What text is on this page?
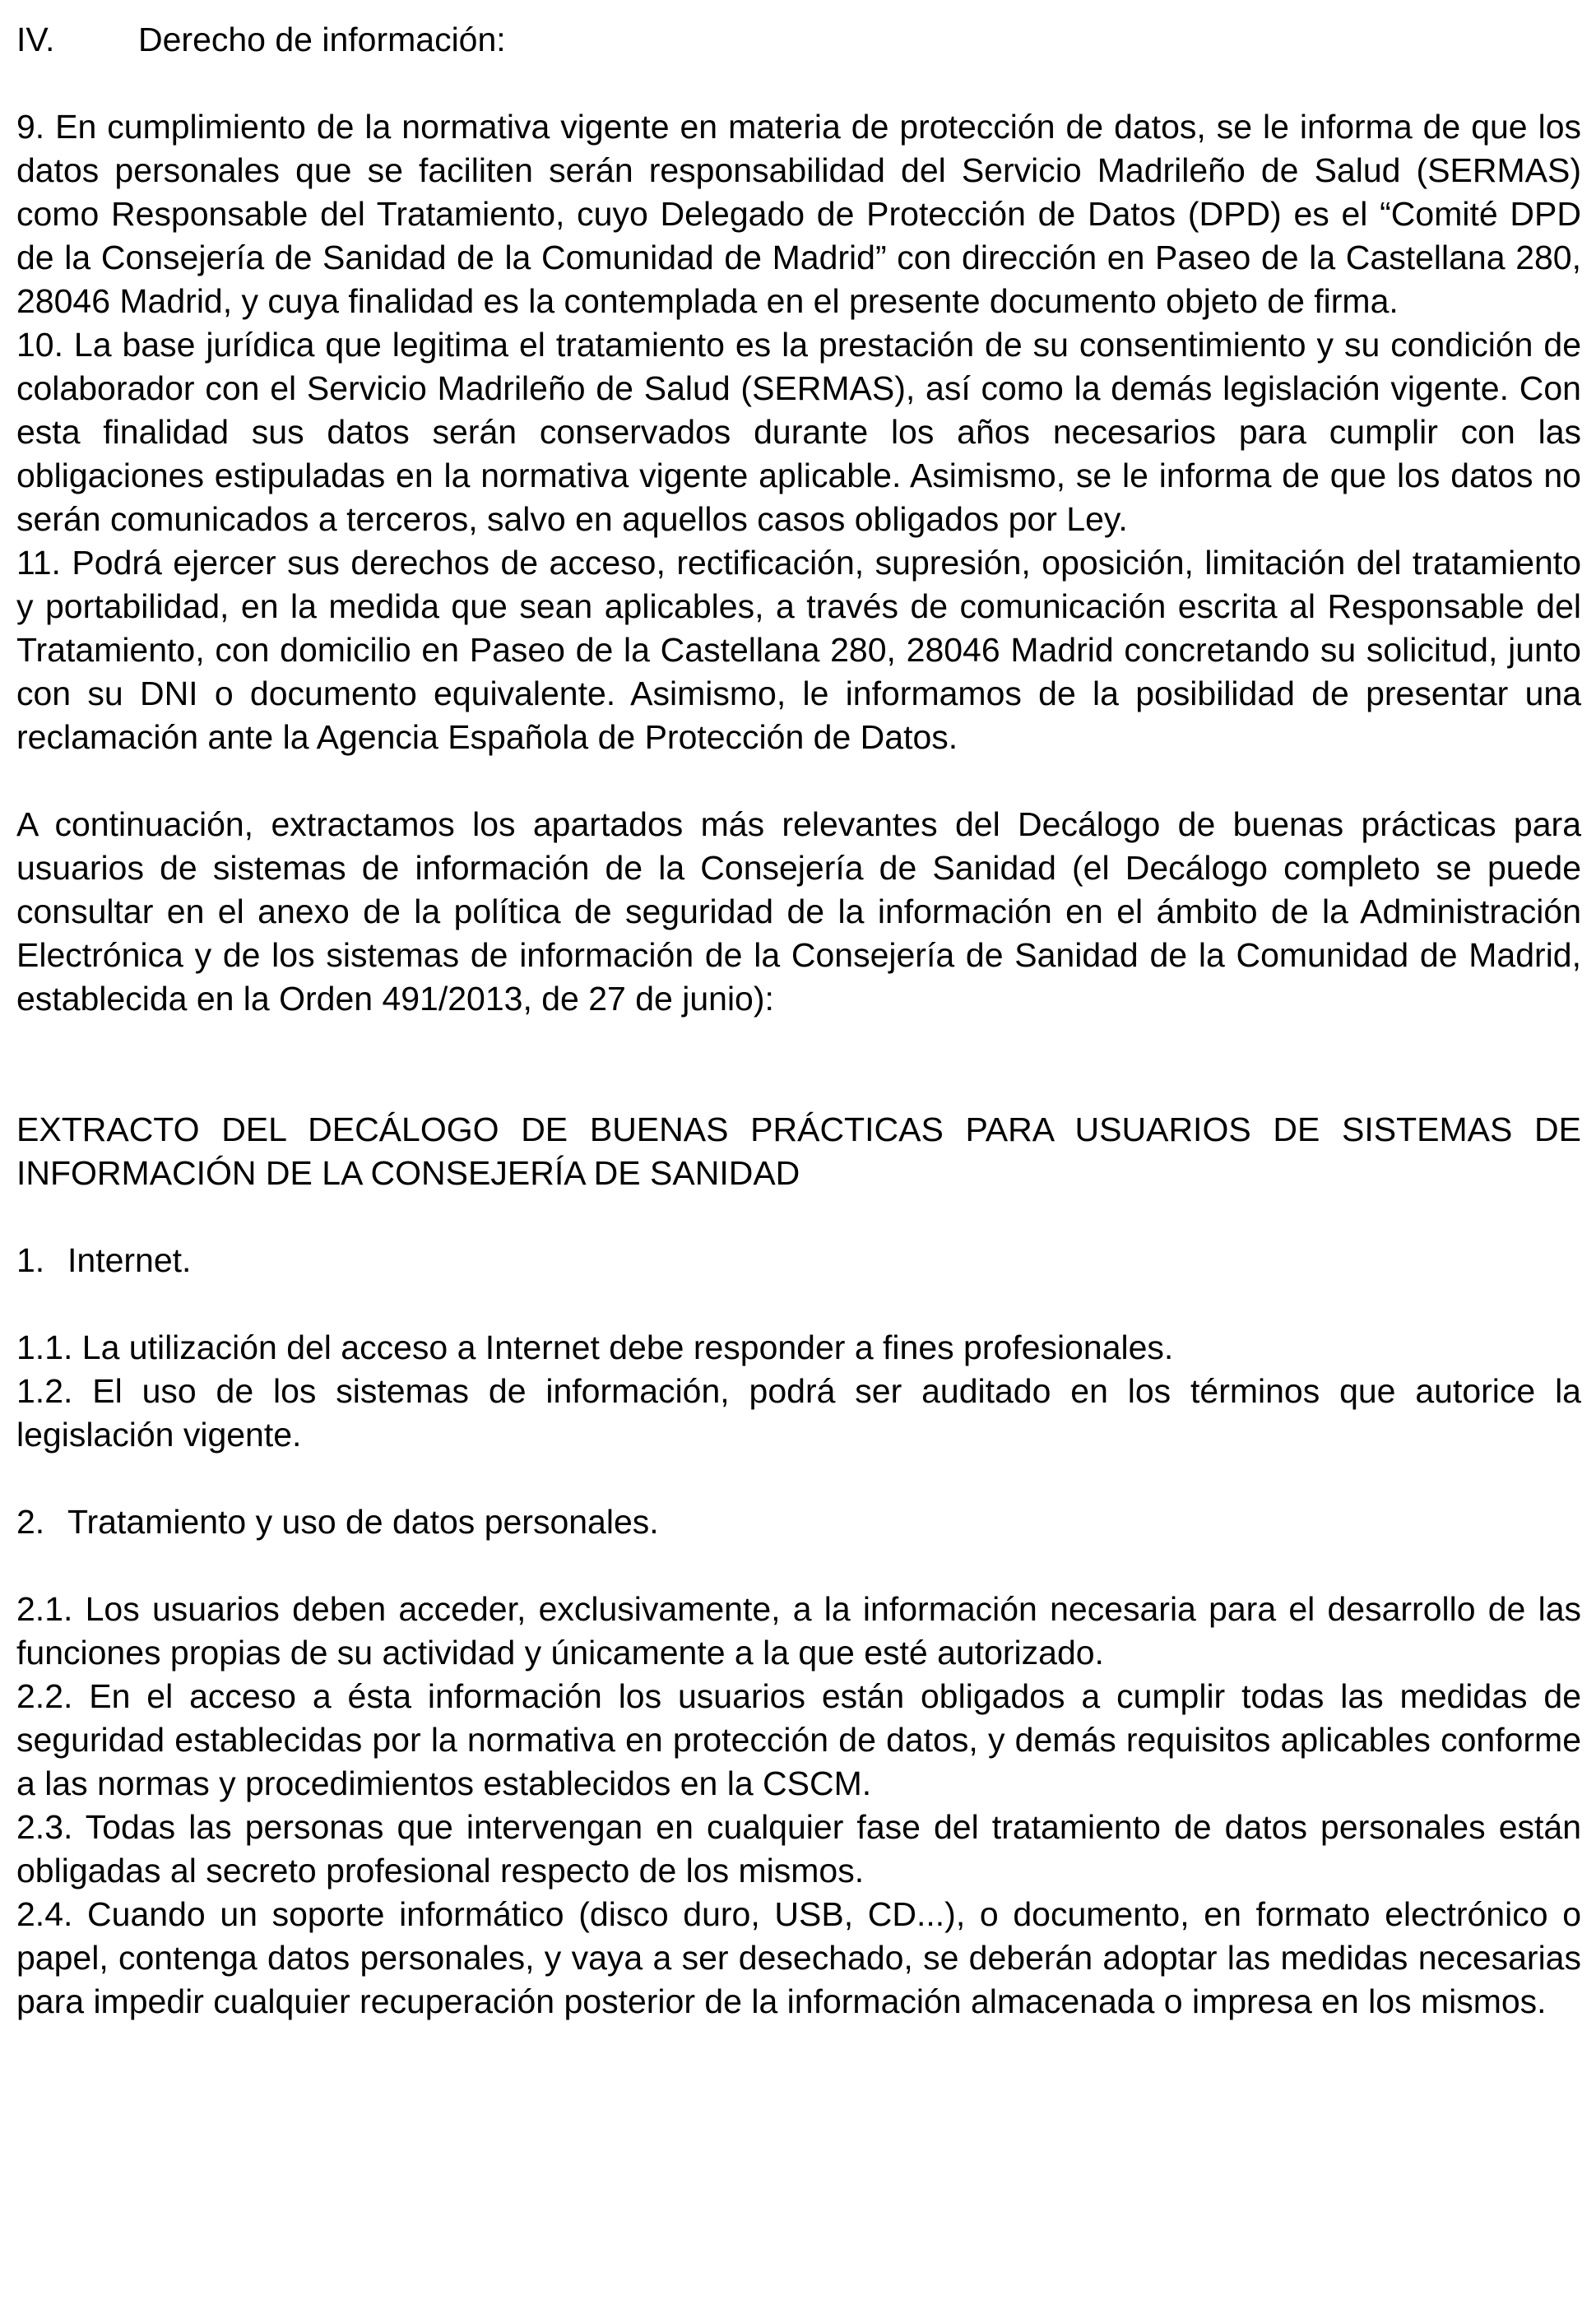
IV. Derecho de información:

9. En cumplimiento de la normativa vigente en materia de protección de datos, se le informa de que los datos personales que se faciliten serán responsabilidad del Servicio Madrileño de Salud (SERMAS) como Responsable del Tratamiento, cuyo Delegado de Protección de Datos (DPD) es el “Comité DPD de la Consejería de Sanidad de la Comunidad de Madrid” con dirección en Paseo de la Castellana 280, 28046 Madrid, y cuya finalidad es la contemplada en el presente documento objeto de firma.

10. La base jurídica que legitima el tratamiento es la prestación de su consentimiento y su condición de colaborador con el Servicio Madrileño de Salud (SERMAS), así como la demás legislación vigente. Con esta finalidad sus datos serán conservados durante los años necesarios para cumplir con las obligaciones estipuladas en la normativa vigente aplicable. Asimismo, se le informa de que los datos no serán comunicados a terceros, salvo en aquellos casos obligados por Ley.

11. Podrá ejercer sus derechos de acceso, rectificación, supresión, oposición, limitación del tratamiento y portabilidad, en la medida que sean aplicables, a través de comunicación escrita al Responsable del Tratamiento, con domicilio en Paseo de la Castellana 280, 28046 Madrid concretando su solicitud, junto con su DNI o documento equivalente. Asimismo, le informamos de la posibilidad de presentar una reclamación ante la Agencia Española de Protección de Datos.

A continuación, extractamos los apartados más relevantes del Decálogo de buenas prácticas para usuarios de sistemas de información de la Consejería de Sanidad (el Decálogo completo se puede consultar en el anexo de la política de seguridad de la información en el ámbito de la Administración Electrónica y de los sistemas de información de la Consejería de Sanidad de la Comunidad de Madrid, establecida en la Orden 491/2013, de 27 de junio):

EXTRACTO DEL DECÁLOGO DE BUENAS PRÁCTICAS PARA USUARIOS DE SISTEMAS DE INFORMACIÓN DE LA CONSEJERÍA DE SANIDAD
1. Internet.

1.1. La utilización del acceso a Internet debe responder a fines profesionales.

1.2. El uso de los sistemas de información, podrá ser auditado en los términos que autorice la legislación vigente.

2. Tratamiento y uso de datos personales.

2.1. Los usuarios deben acceder, exclusivamente, a la información necesaria para el desarrollo de las funciones propias de su actividad y únicamente a la que esté autorizado.

2.2. En el acceso a ésta información los usuarios están obligados a cumplir todas las medidas de seguridad establecidas por la normativa en protección de datos, y demás requisitos aplicables conforme a las normas y procedimientos establecidos en la CSCM.

2.3. Todas las personas que intervengan en cualquier fase del tratamiento de datos personales están obligadas al secreto profesional respecto de los mismos.

2.4. Cuando un soporte informático (disco duro, USB, CD...), o documento, en formato electrónico o papel, contenga datos personales, y vaya a ser desechado, se deberán adoptar las medidas necesarias para impedir cualquier recuperación posterior de la información almacenada o impresa en los mismos.
